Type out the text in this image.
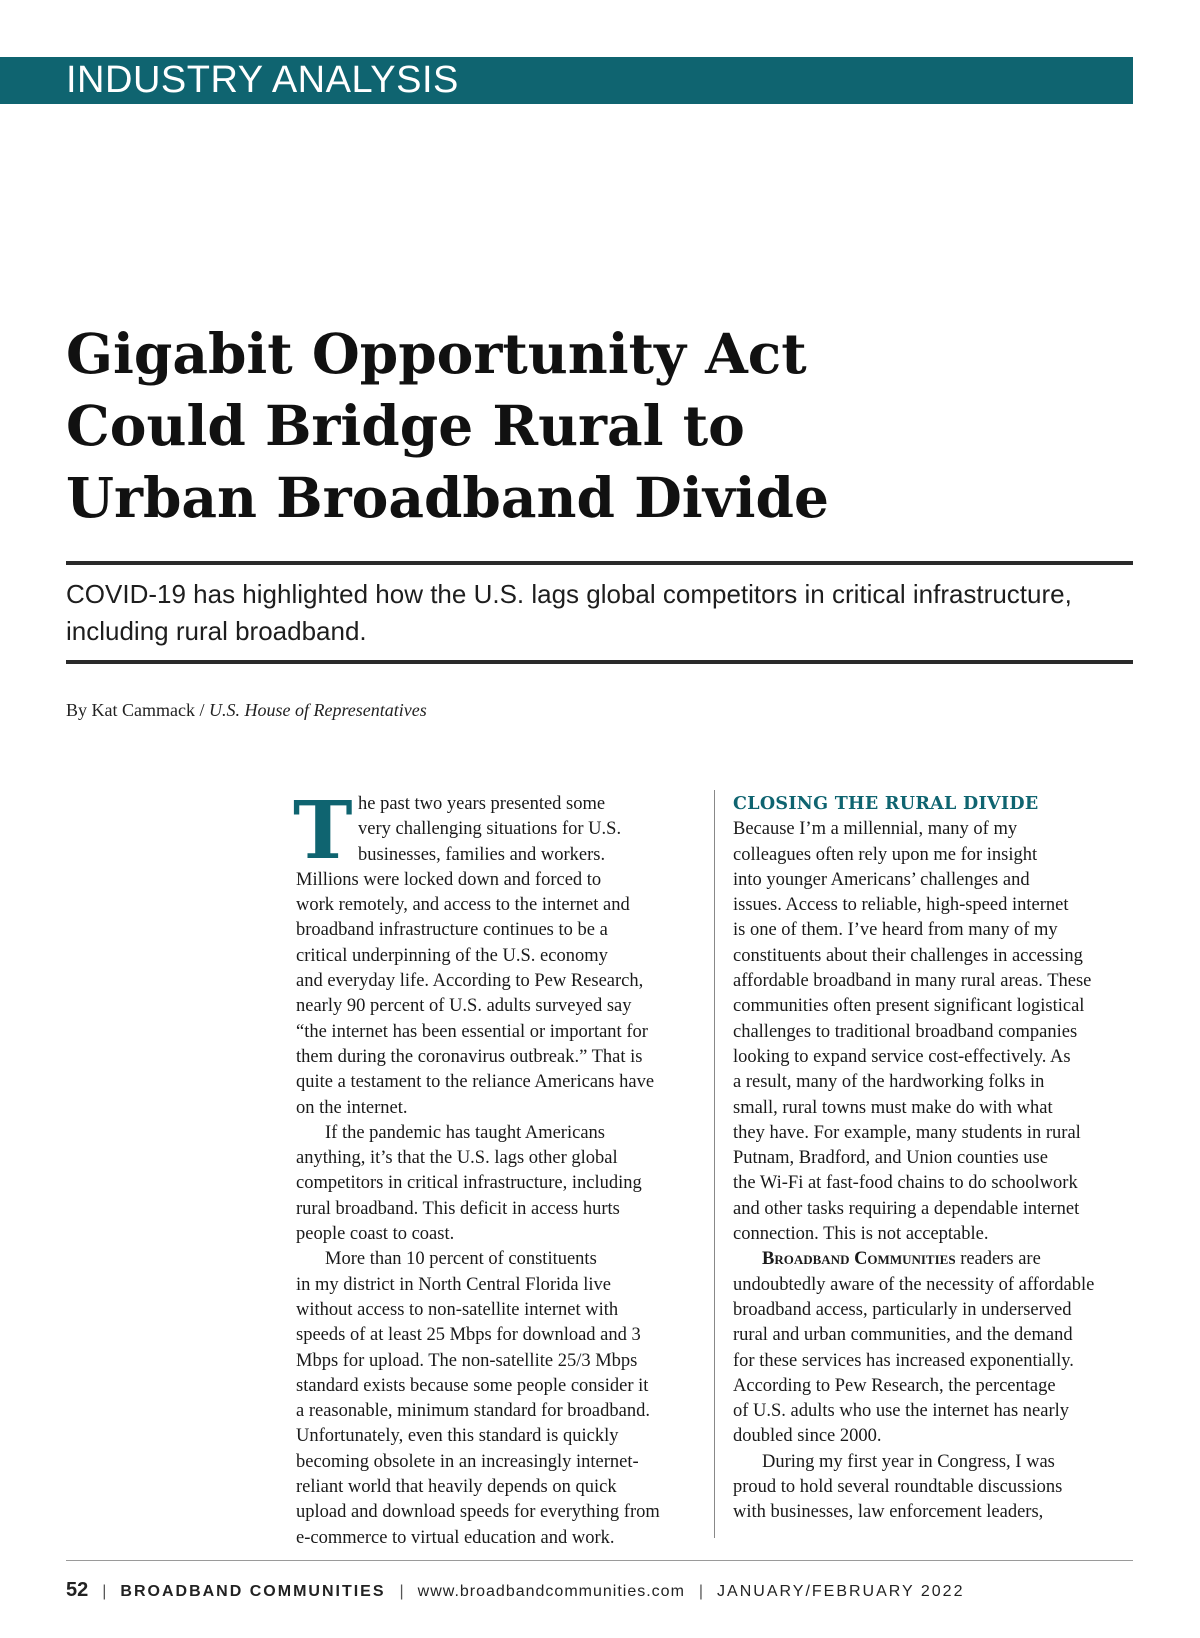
INDUSTRY ANALYSIS
Gigabit Opportunity Act
Could Bridge Rural to
Urban Broadband Divide
COVID-19 has highlighted how the U.S. lags global competitors in critical infrastructure,
including rural broadband.
By Kat Cammack / U.S. House of Representatives
T he past two years presented some
very challenging situations for U.S.
businesses, families and workers.
Millions were locked down and forced to
work remotely, and access to the internet and
broadband infrastructure continues to be a
critical underpinning of the U.S. economy
and everyday life. According to Pew Research,
nearly 90 percent of U.S. adults surveyed say
“the internet has been essential or important for
them during the coronavirus outbreak.” That is
quite a testament to the reliance Americans have
on the internet.
If the pandemic has taught Americans
anything, it’s that the U.S. lags other global
competitors in critical infrastructure, including
rural broadband. This deficit in access hurts
people coast to coast.
More than 10 percent of constituents
in my district in North Central Florida live
without access to non-satellite internet with
speeds of at least 25 Mbps for download and 3
Mbps for upload. The non-satellite 25/3 Mbps
standard exists because some people consider it
a reasonable, minimum standard for broadband.
Unfortunately, even this standard is quickly
becoming obsolete in an increasingly internet-
reliant world that heavily depends on quick
upload and download speeds for everything from
e-commerce to virtual education and work.
CLOSING THE RURAL DIVIDE
Because I’m a millennial, many of my
colleagues often rely upon me for insight
into younger Americans’ challenges and
issues. Access to reliable, high-speed internet
is one of them. I’ve heard from many of my
constituents about their challenges in accessing
affordable broadband in many rural areas. These
communities often present significant logistical
challenges to traditional broadband companies
looking to expand service cost-effectively. As
a result, many of the hardworking folks in
small, rural towns must make do with what
they have. For example, many students in rural
Putnam, Bradford, and Union counties use
the Wi-Fi at fast-food chains to do schoolwork
and other tasks requiring a dependable internet
connection. This is not acceptable.
Broadband Communities readers are
undoubtedly aware of the necessity of affordable
broadband access, particularly in underserved
rural and urban communities, and the demand
for these services has increased exponentially.
According to Pew Research, the percentage
of U.S. adults who use the internet has nearly
doubled since 2000.
During my first year in Congress, I was
proud to hold several roundtable discussions
with businesses, law enforcement leaders,
52 | BROADBAND COMMUNITIES | www.broadbandcommunities.com | JANUARY/FEBRUARY 2022
